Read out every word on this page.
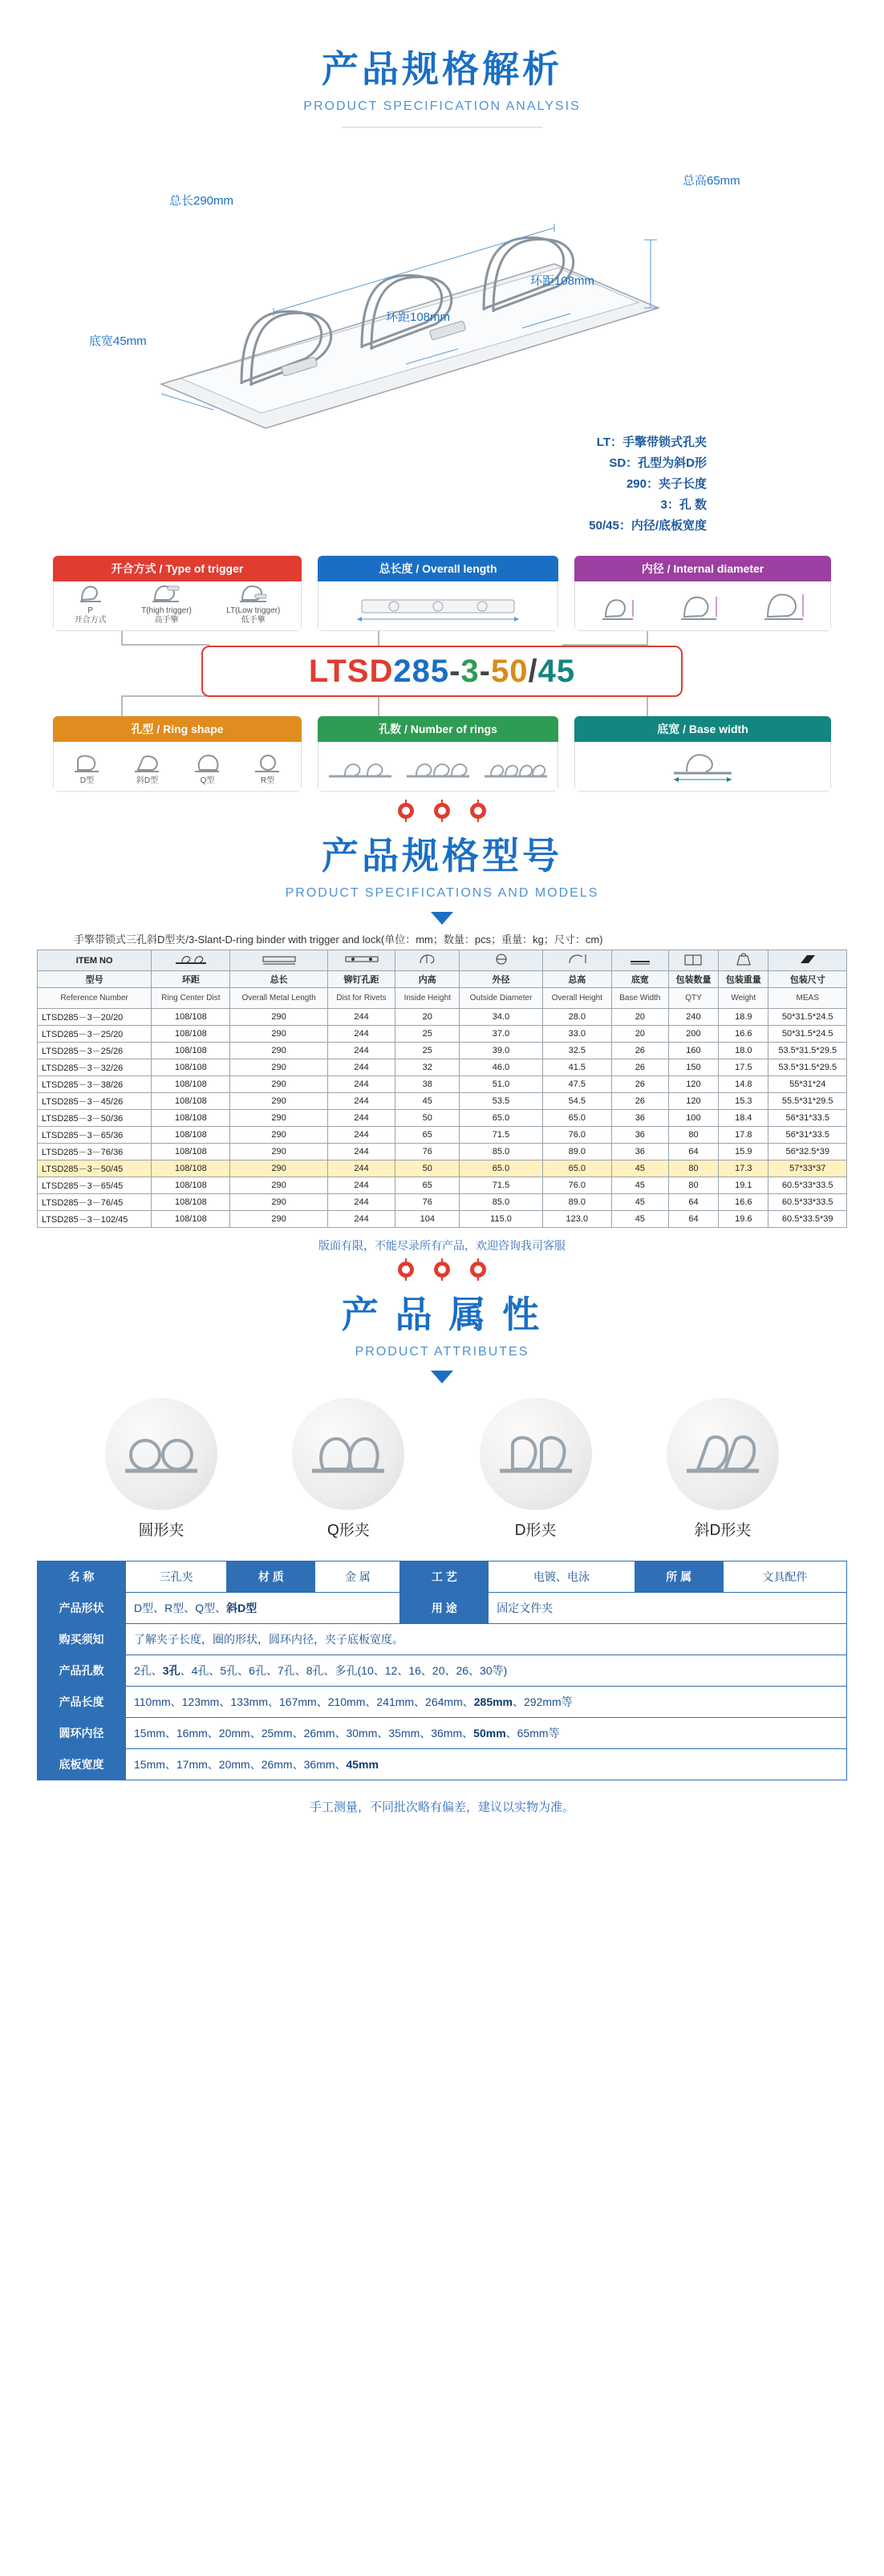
产品规格解析
PRODUCT SPECIFICATION ANALYSIS
总长290mm
总高65mm
环距108mm
环距108mm
底宽45mm
LT：手擎带锁式孔夹
SD：孔型为斜D形
290：夹子长度
3：孔 数
50/45：内径/底板宽度
开合方式 / Type of trigger
P
开合方式
T(high trigger)
高手擎
LT(Low trigger)
低手擎
总长度 / Overall length	内径 / Internal diameter
LTSD 285 - 3 - 50 / 45
孔型 / Ring shape
D型	斜D型	Q型	R型
孔数 / Number of rings	底宽 / Base width
产品规格型号
PRODUCT SPECIFICATIONS AND MODELS
手擎带锁式三孔斜D型夹/3-Slant-D-ring binder with trigger and lock(单位：mm；数量：pcs；重量：kg；尺寸：cm)
ITEM NO										
型号	环距	总长	铆钉孔距	内高	外径	总高	底宽	包装数量	包装重量	包装尺寸
Reference Number	Ring Center Dist	Overall Metal Length	Dist for Rivets	Inside Height	Outside Diameter	Overall Height	Base Width	QTY	Weight	MEAS
LTSD285－3－20/20	108/108	290	244	20	34.0	28.0	20	240	18.9	50*31.5*24.5
LTSD285－3－25/20	108/108	290	244	25	37.0	33.0	20	200	16.6	50*31.5*24.5
LTSD285－3－25/26	108/108	290	244	25	39.0	32.5	26	160	18.0	53.5*31.5*29.5
LTSD285－3－32/26	108/108	290	244	32	46.0	41.5	26	150	17.5	53.5*31.5*29.5
LTSD285－3－38/26	108/108	290	244	38	51.0	47.5	26	120	14.8	55*31*24
LTSD285－3－45/26	108/108	290	244	45	53.5	54.5	26	120	15.3	55.5*31*29.5
LTSD285－3－50/36	108/108	290	244	50	65.0	65.0	36	100	18.4	56*31*33.5
LTSD285－3－65/36	108/108	290	244	65	71.5	76.0	36	80	17.8	56*31*33.5
LTSD285－3－76/36	108/108	290	244	76	85.0	89.0	36	64	15.9	56*32.5*39
LTSD285－3－50/45	108/108	290	244	50	65.0	65.0	45	80	17.3	57*33*37
LTSD285－3－65/45	108/108	290	244	65	71.5	76.0	45	80	19.1	60.5*33*33.5
LTSD285－3－76/45	108/108	290	244	76	85.0	89.0	45	64	16.6	60.5*33*33.5
LTSD285－3－102/45	108/108	290	244	104	115.0	123.0	45	64	19.6	60.5*33.5*39
版面有限，不能尽录所有产品，欢迎咨询我司客服
产 品 属 性
PRODUCT ATTRIBUTES
圆形夹	Q形夹	D形夹	斜D形夹
名 称	三孔夹	材 质	金 属	工 艺	电镀、电泳	所 属	文具配件
产品形状	D型、R型、Q型、斜D型			用 途	固定文件夹		
购买须知	了解夹子长度，圈的形状，圆环内径，夹子底板宽度。						
产品孔数	2孔、3孔、4孔、5孔、6孔、7孔、8孔、多孔(10、12、16、20、26、30等)						
产品长度	110mm、123mm、133mm、167mm、210mm、241mm、264mm、285mm、292mm等						
圆环内径	15mm、16mm、20mm、25mm、26mm、30mm、35mm、36mm、50mm、65mm等						
底板宽度	15mm、17mm、20mm、26mm、36mm、45mm						
手工测量，不同批次略有偏差，建议以实物为准。
